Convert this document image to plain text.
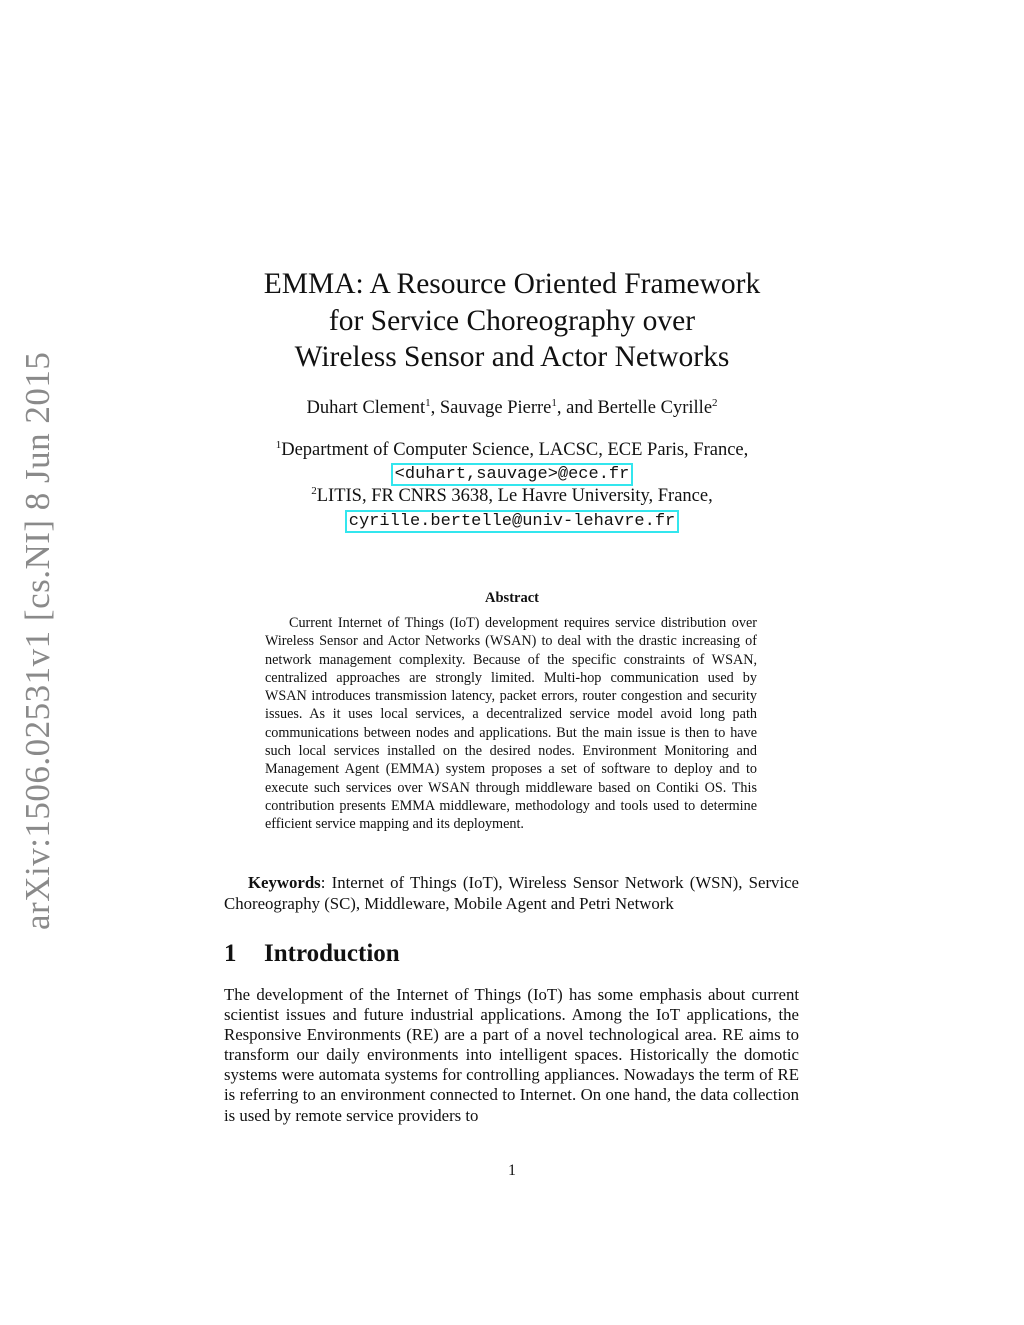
arXiv:1506.02531v1 [cs.NI] 8 Jun 2015
EMMA: A Resource Oriented Framework
for Service Choreography over
Wireless Sensor and Actor Networks
Duhart Clement$^1$, Sauvage Pierre$^1$, and Bertelle Cyrille$^2$
$^1$Department of Computer Science, LACSC, ECE Paris, France,
<duhart,sauvage>@ece.fr
$^2$LITIS, FR CNRS 3638, Le Havre University, France,
cyrille.bertelle@univ-lehavre.fr
Abstract

Current Internet of Things (IoT) development requires service distribution over Wireless Sensor and Actor Networks (WSAN) to deal with the drastic increasing of network management complexity. Because of the specific constraints of WSAN, centralized approaches are strongly limited. Multi-hop communication used by WSAN introduces transmission latency, packet errors, router congestion and security issues. As it uses local services, a decentralized service model avoid long path communications between nodes and applications. But the main issue is then to have such local services installed on the desired nodes. Environment Monitoring and Management Agent (EMMA) system proposes a set of software to deploy and to execute such services over WSAN through middleware based on Contiki OS. This contribution presents EMMA middleware, methodology and tools used to determine efficient service mapping and its deployment.

Keywords: Internet of Things (IoT), Wireless Sensor Network (WSN), Service Choreography (SC), Middleware, Mobile Agent and Petri Network

1 Introduction

The development of the Internet of Things (IoT) has some emphasis about current scientist issues and future industrial applications. Among the IoT applications, the Responsive Environments (RE) are a part of a novel technological area. RE aims to transform our daily environments into intelligent spaces. Historically the domotic systems were automata systems for controlling appliances. Nowadays the term of RE is referring to an environment connected to Internet. On one hand, the data collection is used by remote service providers to

1
